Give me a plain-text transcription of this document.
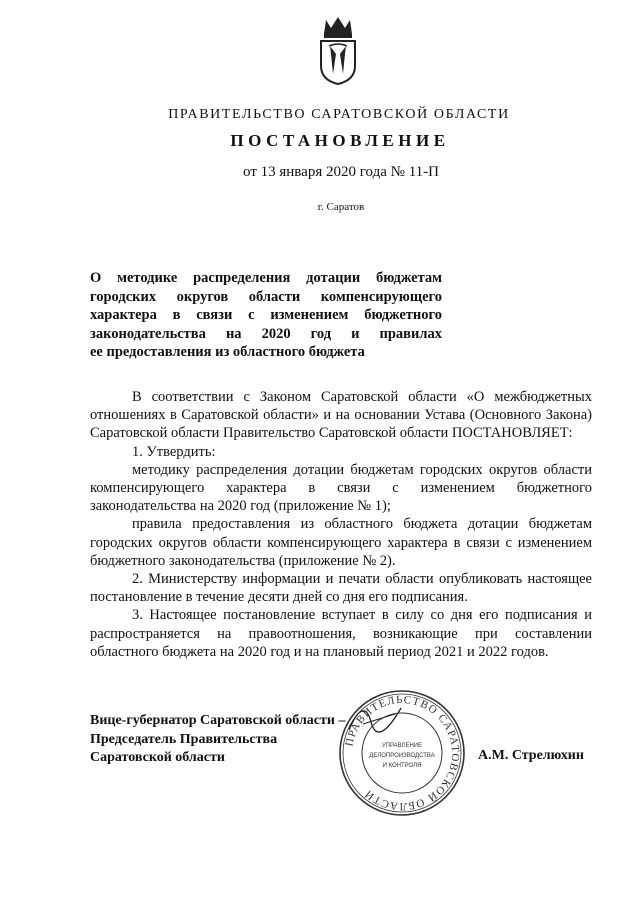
ПРАВИТЕЛЬСТВО САРАТОВСКОЙ ОБЛАСТИ
ПОСТАНОВЛЕНИЕ
от 13 января 2020 года № 11-П
г. Саратов
О методике распределения дотации бюджетам
городских округов области компенсирующего
характера в связи с изменением бюджетного
законодательства на 2020 год и правилах
ее предоставления из областного бюджета

В соответствии с Законом Саратовской области «О межбюджетных отношениях в Саратовской области» и на основании Устава (Основного Закона) Саратовской области Правительство Саратовской области ПОСТАНОВЛЯЕТ:

1. Утвердить:

методику распределения дотации бюджетам городских округов области компенсирующего характера в связи с изменением бюджетного законодательства на 2020 год (приложение № 1);

правила предоставления из областного бюджета дотации бюджетам городских округов области компенсирующего характера в связи с изменением бюджетного законодательства (приложение № 2).

2. Министерству информации и печати области опубликовать настоящее постановление в течение десяти дней со дня его подписания.

3. Настоящее постановление вступает в силу со дня его подписания и распространяется на правоотношения, возникающие при составлении областного бюджета на 2020 год и на плановый период 2021 и 2022 годов.

Вице-губернатор Саратовской области –
Председатель Правительства
Саратовской области
ПРАВИТЕЛЬСТВО САРАТОВСКОЙ ОБЛАСТИ
УПРАВЛЕНИЕ
ДЕЛОПРОИЗВОДСТВА
И КОНТРОЛЯ
А.М. Стрелюхин
